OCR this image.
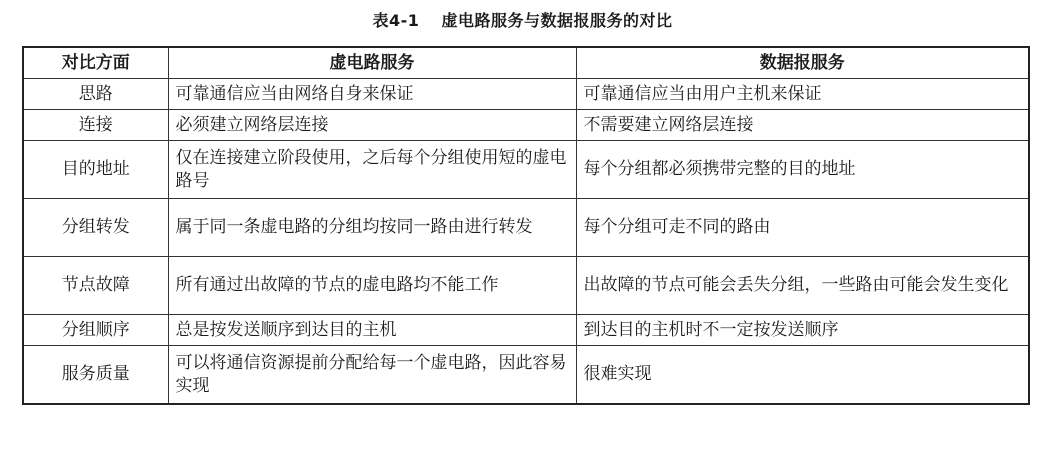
表4-1 虚电路服务与数据报服务的对比
对比方面	虚电路服务	数据报服务
思路	可靠通信应当由网络自身来保证	可靠通信应当由用户主机来保证
连接	必须建立网络层连接	不需要建立网络层连接
目的地址	仅在连接建立阶段使用，之后每个分组使用短的虚电路号	每个分组都必须携带完整的目的地址
分组转发	属于同一条虚电路的分组均按同一路由进行转发	每个分组可走不同的路由
节点故障	所有通过出故障的节点的虚电路均不能工作	出故障的节点可能会丢失分组，一些路由可能会发生变化
分组顺序	总是按发送顺序到达目的主机	到达目的主机时不一定按发送顺序
服务质量	可以将通信资源提前分配给每一个虚电路，因此容易实现	很难实现
